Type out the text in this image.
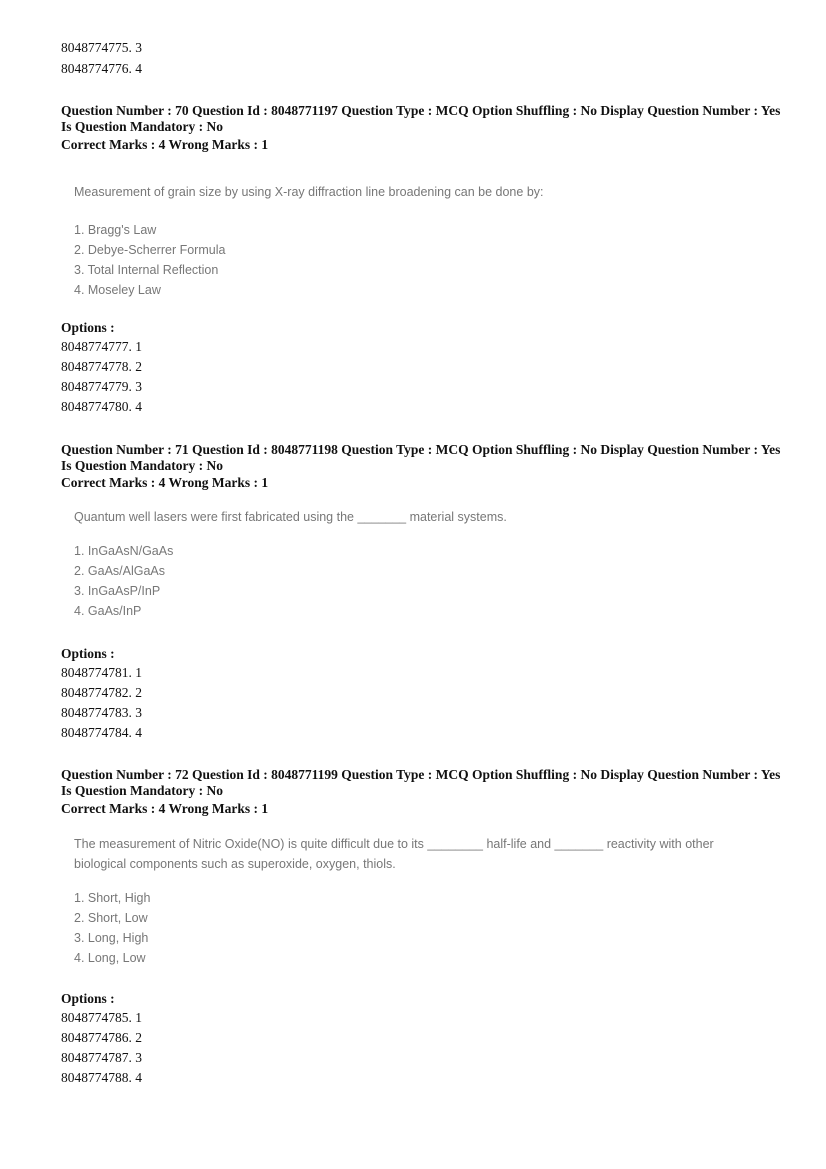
8048774775. 3
8048774776. 4
Question Number : 70 Question Id : 8048771197 Question Type : MCQ Option Shuffling : No Display Question Number : Yes
Is Question Mandatory : No
Correct Marks : 4 Wrong Marks : 1
Measurement of grain size by using X-ray diffraction line broadening can be done by:
1. Bragg's Law
2. Debye-Scherrer Formula
3. Total Internal Reflection
4. Moseley Law
Options :
8048774777. 1
8048774778. 2
8048774779. 3
8048774780. 4
Question Number : 71 Question Id : 8048771198 Question Type : MCQ Option Shuffling : No Display Question Number : Yes
Is Question Mandatory : No
Correct Marks : 4 Wrong Marks : 1
Quantum well lasers were first fabricated using the _______ material systems.
1. InGaAsN/GaAs
2. GaAs/AlGaAs
3. InGaAsP/InP
4. GaAs/InP
Options :
8048774781. 1
8048774782. 2
8048774783. 3
8048774784. 4
Question Number : 72 Question Id : 8048771199 Question Type : MCQ Option Shuffling : No Display Question Number : Yes
Is Question Mandatory : No
Correct Marks : 4 Wrong Marks : 1
The measurement of Nitric Oxide(NO) is quite difficult due to its ________ half-life and _______ reactivity with other biological components such as superoxide, oxygen, thiols.
1. Short, High
2. Short, Low
3. Long, High
4. Long, Low
Options :
8048774785. 1
8048774786. 2
8048774787. 3
8048774788. 4
